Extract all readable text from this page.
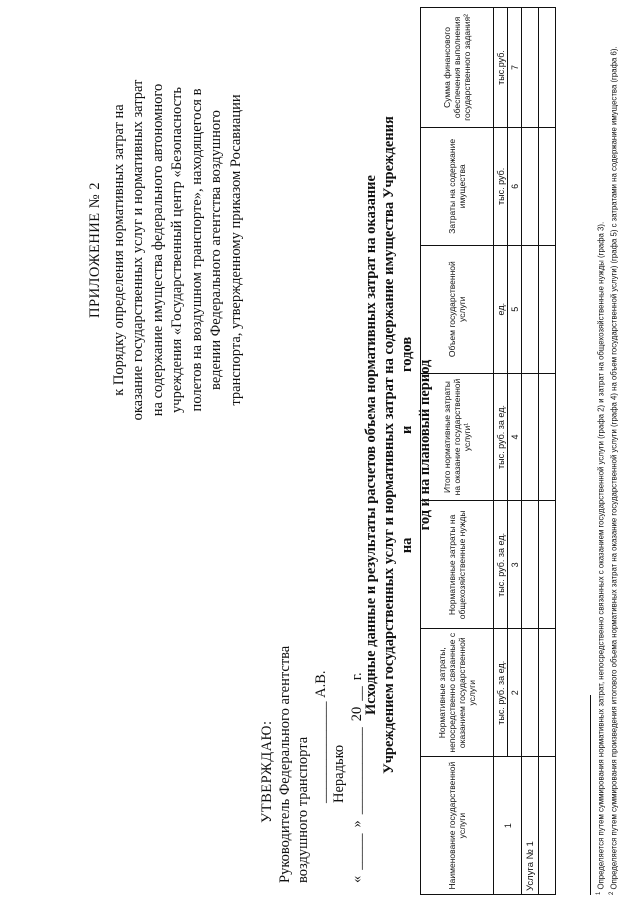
ПРИЛОЖЕНИЕ № 2 к Порядку определения нормативных затрат на оказание государственных услуг и нормативных затрат на содержание имущества федерального автономного учреждения «Государственный центр «Безопасность полетов на воздушном транспорте», находящегося в ведении Федерального агентства воздушного транспорта, утвержденному приказом Росавиации
УТВЕРЖДАЮ: Руководитель Федерального агентства воздушного транспорта ______________ А.В. Нерадько
«
_____
»
____________
20
__
г.
Исходные данные и результаты расчетов объема нормативных затрат на оказание Учреждением государственных услуг и нормативных затрат на содержание имущества Учреждения на и годов
год и на плановый период
Наименование государственной услуги	Нормативные затраты, непосредственно связанные с оказанием государственной услуги	Нормативные затраты на общехозяйственные нужды	Итого нормативные затраты на оказание государственной услуги¹	Объем государственной услуги	Затраты на содержание имущества	Сумма финансового обеспечения выполнения государственного задания²
1	тыс. руб. за ед.	тыс. руб. за ед.	тыс. руб. за ед.	ед.	тыс. руб.	тыс.руб.
	2	3	4	5	6	7
Услуга № 1						

$^1$ Определяется путем суммирования нормативных затрат, непосредственно связанных с оказанием государственной услуги (графа 2) и затрат на общехозяйственные нужды (графа 3).
$^2$ Определяется путем суммирования произведения итогового объема нормативных затрат на оказание государственной услуги (графа 4) на объем государственной услуги) (графа 5) с затратами на содержание имущества (графа 6).
